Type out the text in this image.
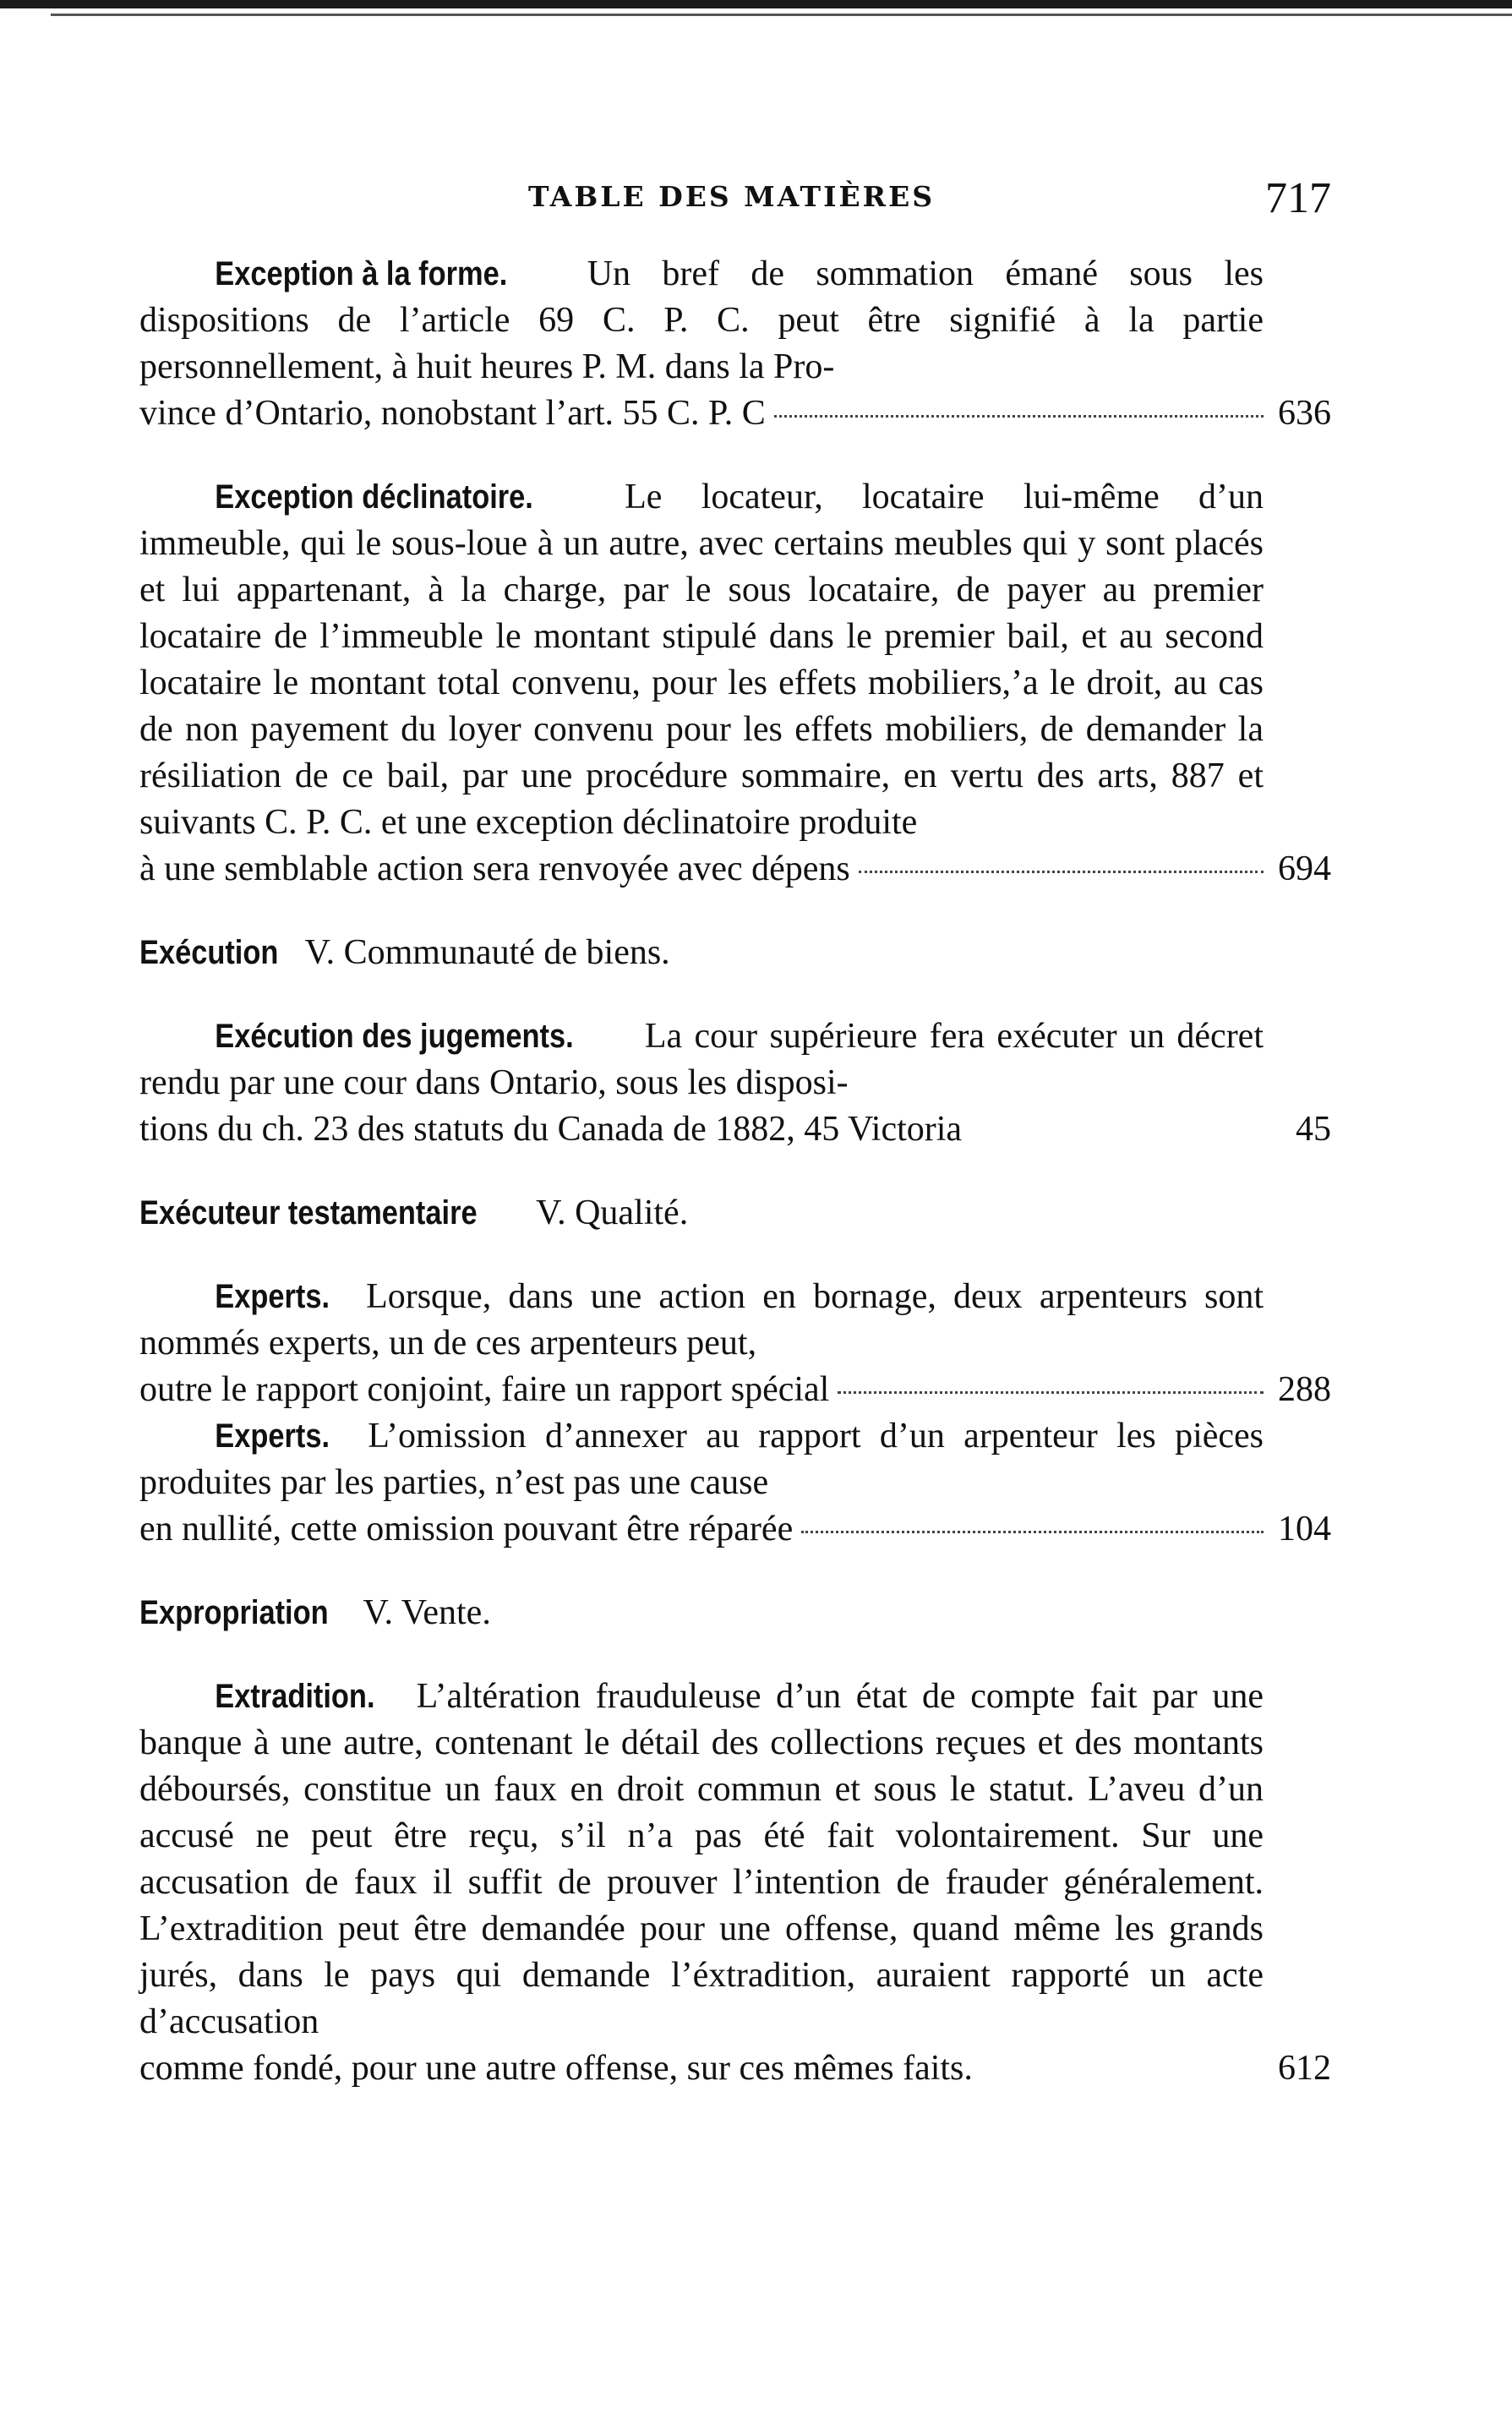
TABLE DES MATIÈRES	717
Exception à la forme. Un bref de sommation émané sous les dispositions de l’article 69 C. P. C. peut être signifié à la partie personnellement, à huit heures P. M. dans la Pro-
vince d’Ontario, nonobstant l’art. 55 C. P. C	636
Exception déclinatoire.	Le locateur, locataire lui-même d’un immeuble, qui le sous-loue à un autre, avec certains meubles qui y sont placés et lui appartenant, à la charge, par le sous locataire, de payer au premier locataire de l’immeuble le montant stipulé dans le premier bail, et au second locataire le montant total convenu, pour les effets mobiliers,’a le droit, au cas de non payement du loyer convenu pour les effets mobiliers, de demander la résiliation de ce bail, par une procédure sommaire, en vertu des arts, 887 et suivants C. P. C. et une exception déclinatoire produite
à une semblable action sera renvoyée avec dépens	694
Exécution V. Communauté de biens.
Exécution des jugements. La cour supérieure fera exécuter un décret rendu par une cour dans Ontario, sous les disposi-
tions du ch. 23 des statuts du Canada de 1882, 45 Victoria	45
Exécuteur testamentaire V. Qualité.
Experts. Lorsque, dans une action en bornage, deux arpenteurs sont nommés experts, un de ces arpenteurs peut,
outre le rapport conjoint, faire un rapport spécial	288
Experts. L’omission d’annexer au rapport d’un arpenteur les pièces produites par les parties, n’est pas une cause
en nullité, cette omission pouvant être réparée	104
Expropriation V. Vente.
Extradition. L’altération frauduleuse d’un état de compte fait par une banque à une autre, contenant le détail des collections reçues et des montants déboursés, constitue un faux en droit commun et sous le statut. L’aveu d’un accusé ne peut être reçu, s’il n’a pas été fait volontairement. Sur une accusation de faux il suffit de prouver l’intention de frauder généralement. L’extradition peut être demandée pour une offense, quand même les grands jurés, dans le pays qui demande l’éxtradition, auraient rapporté un acte d’accusation
comme fondé, pour une autre offense, sur ces mêmes faits.	612
